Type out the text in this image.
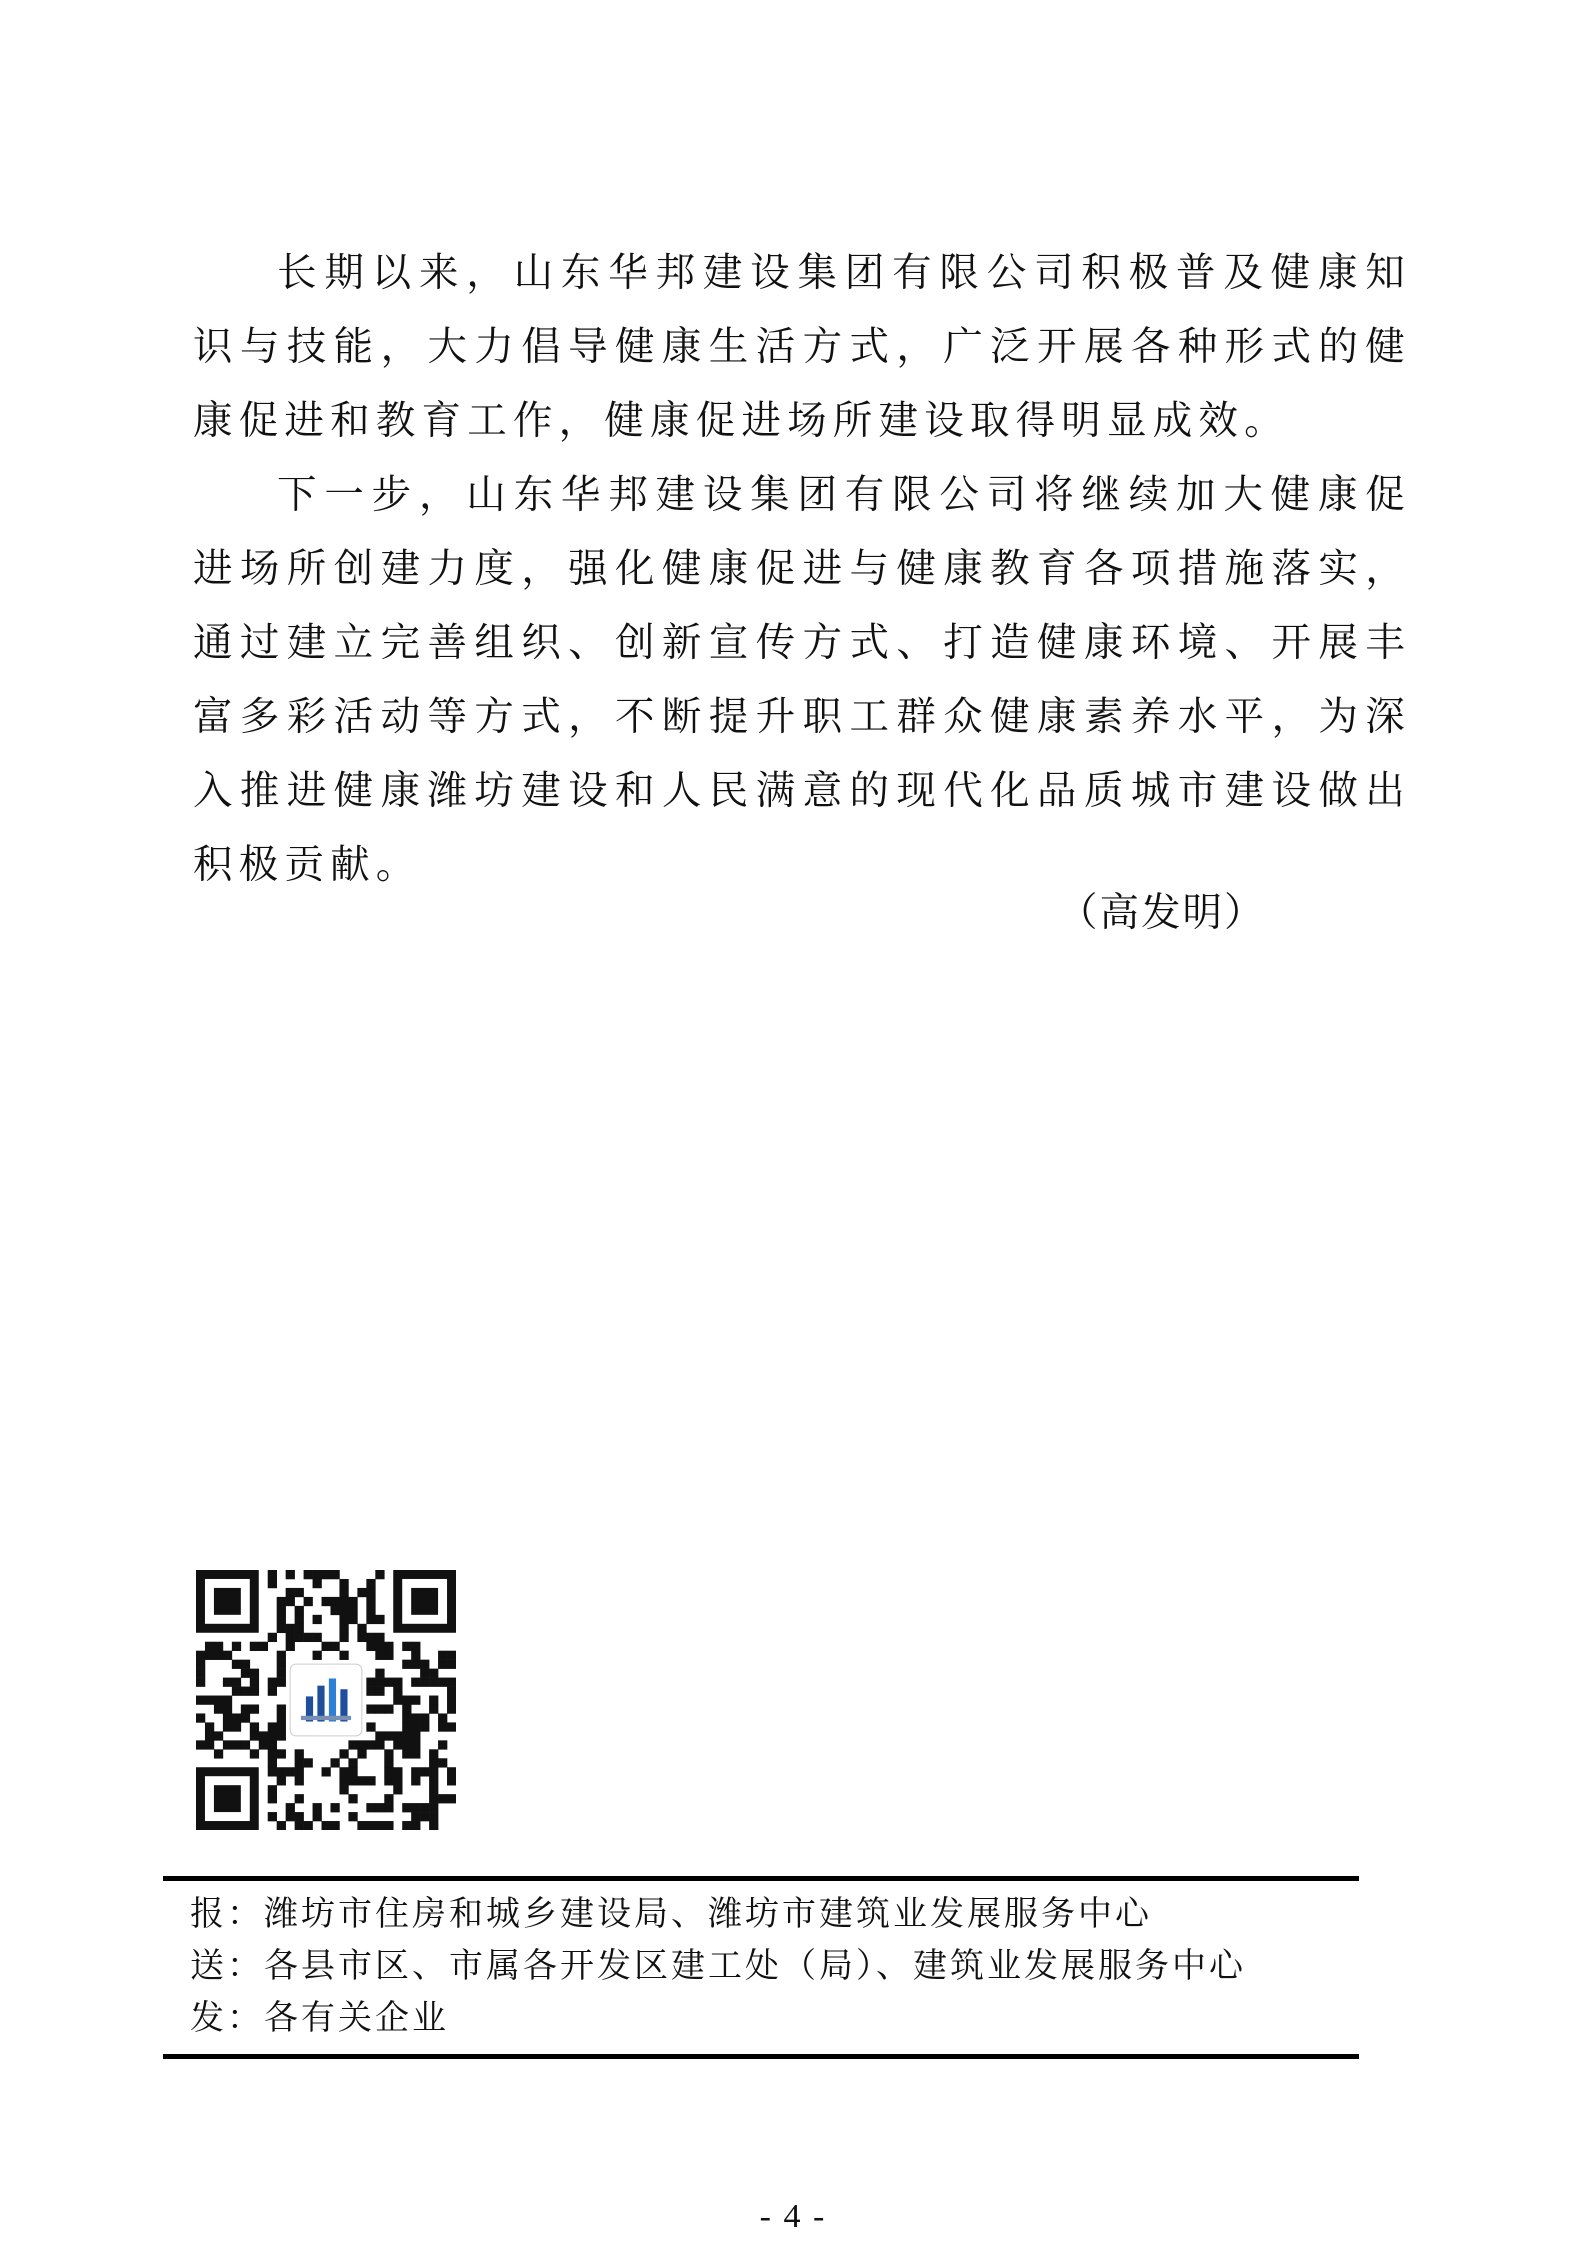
长期以来，山东华邦建设集团有限公司积极普及健康知识与技能，大力倡导健康生活方式，广泛开展各种形式的健康促进和教育工作，健康促进场所建设取得明显成效。

下一步，山东华邦建设集团有限公司将继续加大健康促进场所创建力度，强化健康促进与健康教育各项措施落实，通过建立完善组织、创新宣传方式、打造健康环境、开展丰富多彩活动等方式，不断提升职工群众健康素养水平，为深入推进健康潍坊建设和人民满意的现代化品质城市建设做出积极贡献。

（高发明）
报：潍坊市住房和城乡建设局、潍坊市建筑业发展服务中心
送：各县市区、市属各开发区建工处（局）、建筑业发展服务中心
发：各有关企业
- 4 -
